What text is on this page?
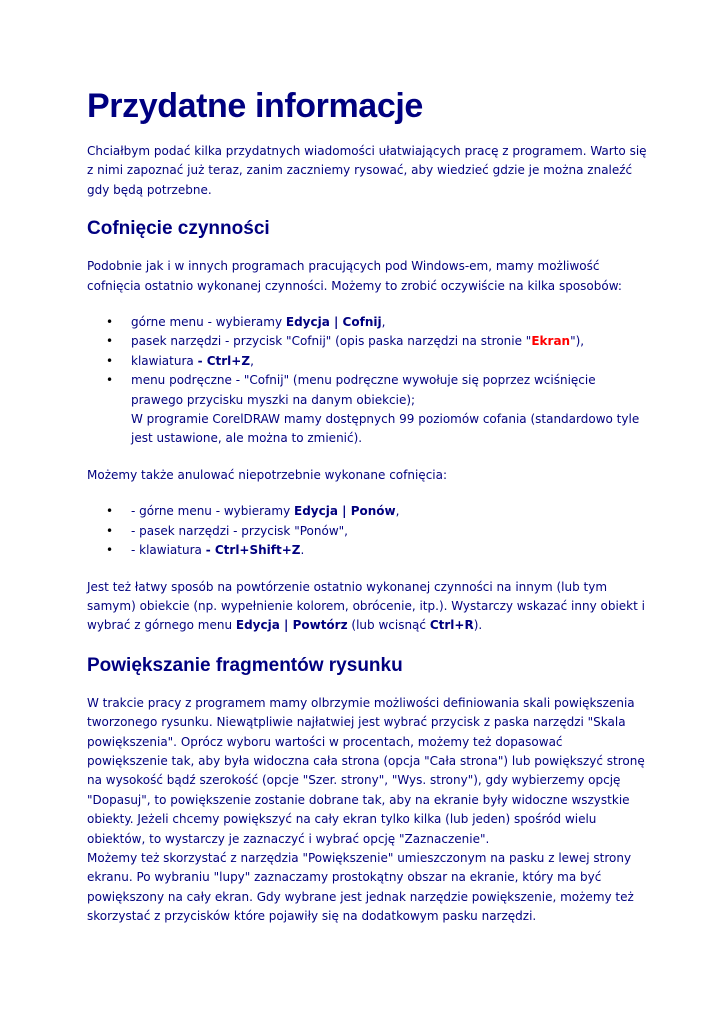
Przydatne informacje

Chciałbym podać kilka przydatnych wiadomości ułatwiających pracę z programem. Warto się z nimi zapoznać już teraz, zanim zaczniemy rysować, aby wiedzieć gdzie je można znaleźć gdy będą potrzebne.

Cofnięcie czynności

Podobnie jak i w innych programach pracujących pod Windows-em, mamy możliwość cofnięcia ostatnio wykonanej czynności. Możemy to zrobić oczywiście na kilka sposobów:

• górne menu - wybieramy Edycja | Cofnij,
• pasek narzędzi - przycisk "Cofnij" (opis paska narzędzi na stronie "Ekran"),
• klawiatura - Ctrl+Z,
• menu podręczne - "Cofnij" (menu podręczne wywołuje się poprzez wciśnięcie prawego przycisku myszki na danym obiekcie);
W programie CorelDRAW mamy dostępnych 99 poziomów cofania (standardowo tyle jest ustawione, ale można to zmienić).

Możemy także anulować niepotrzebnie wykonane cofnięcia:

• - górne menu - wybieramy Edycja | Ponów,
• - pasek narzędzi - przycisk "Ponów",
• - klawiatura - Ctrl+Shift+Z.

Jest też łatwy sposób na powtórzenie ostatnio wykonanej czynności na innym (lub tym samym) obiekcie (np. wypełnienie kolorem, obrócenie, itp.). Wystarczy wskazać inny obiekt i wybrać z górnego menu Edycja | Powtórz (lub wcisnąć Ctrl+R).

Powiększanie fragmentów rysunku

W trakcie pracy z programem mamy olbrzymie możliwości definiowania skali powiększenia tworzonego rysunku. Niewątpliwie najłatwiej jest wybrać przycisk z paska narzędzi "Skala powiększenia". Oprócz wyboru wartości w procentach, możemy też dopasować powiększenie tak, aby była widoczna cała strona (opcja "Cała strona") lub powiększyć stronę na wysokość bądź szerokość (opcje "Szer. strony", "Wys. strony"), gdy wybierzemy opcję "Dopasuj", to powiększenie zostanie dobrane tak, aby na ekranie były widoczne wszystkie obiekty. Jeżeli chcemy powiększyć na cały ekran tylko kilka (lub jeden) spośród wielu obiektów, to wystarczy je zaznaczyć i wybrać opcję "Zaznaczenie".

Możemy też skorzystać z narzędzia "Powiększenie" umieszczonym na pasku z lewej strony ekranu. Po wybraniu "lupy" zaznaczamy prostokątny obszar na ekranie, który ma być powiększony na cały ekran. Gdy wybrane jest jednak narzędzie powiększenie, możemy też skorzystać z przycisków które pojawiły się na dodatkowym pasku narzędzi.
